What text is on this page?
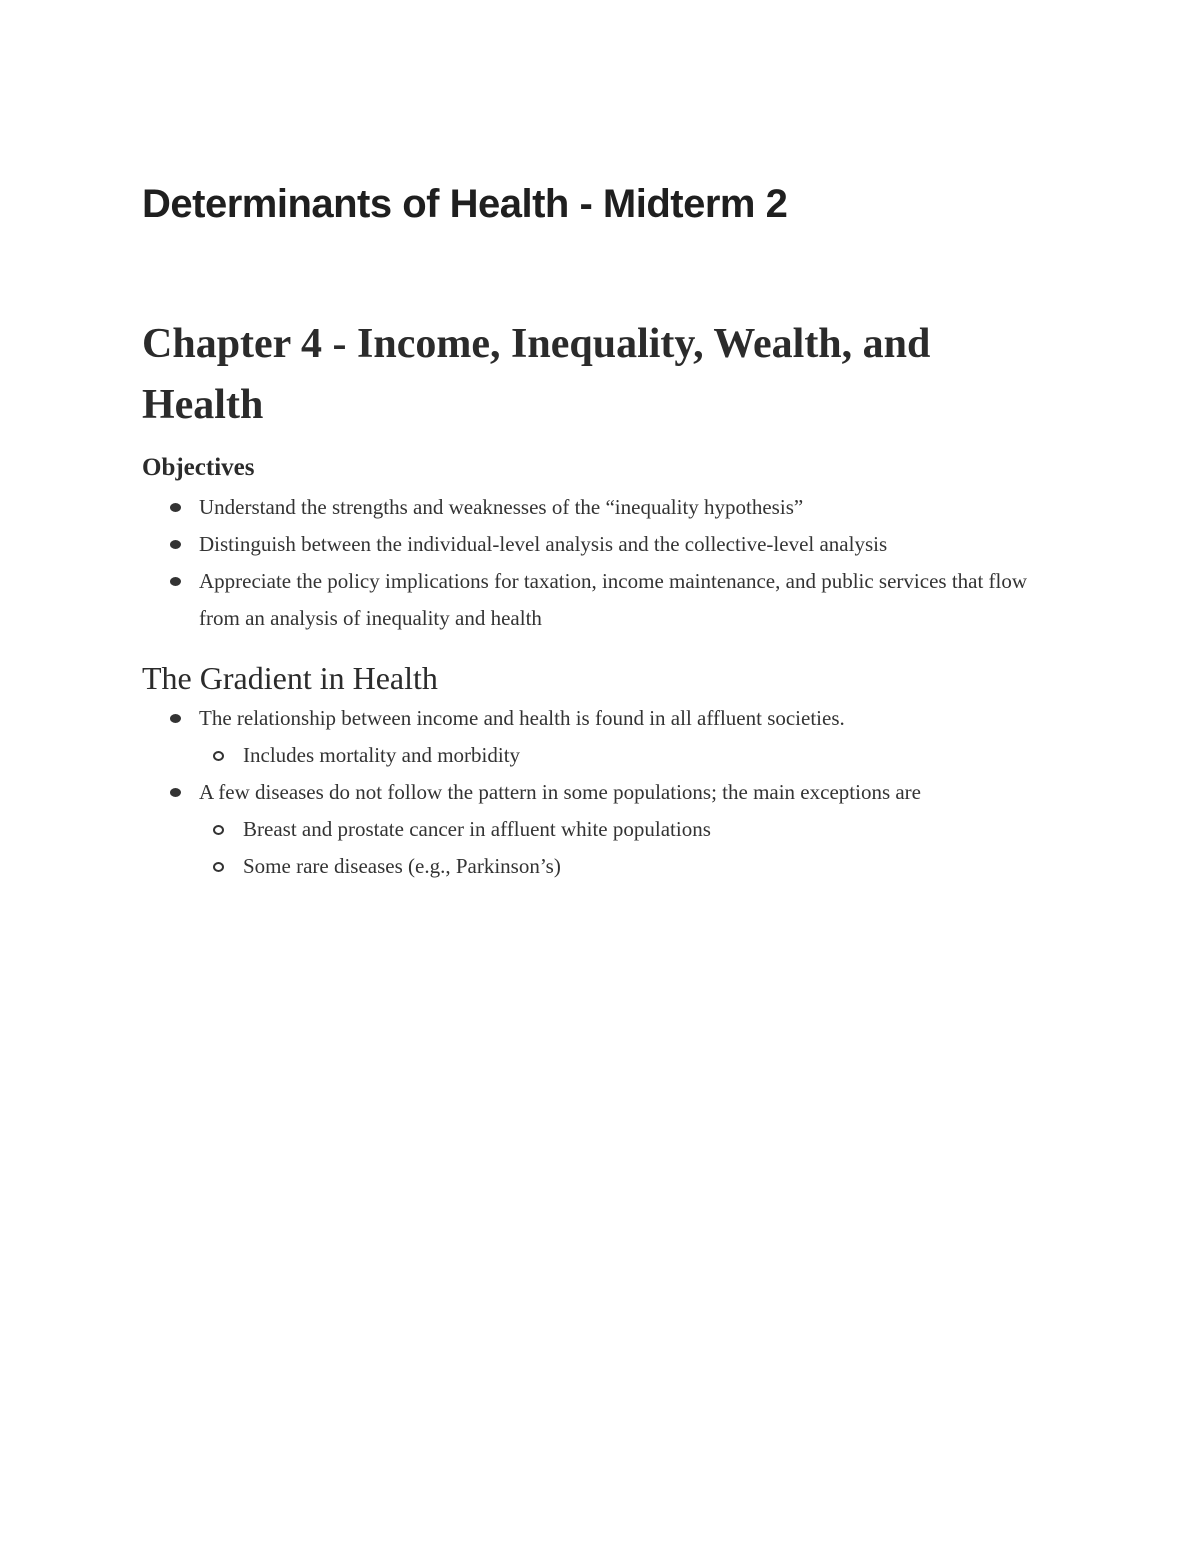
Determinants of Health - Midterm 2
Chapter 4 - Income, Inequality, Wealth, and Health
Objectives
Understand the strengths and weaknesses of the “inequality hypothesis”
Distinguish between the individual-level analysis and the collective-level analysis
Appreciate the policy implications for taxation, income maintenance, and public services that flow from an analysis of inequality and health
The Gradient in Health
The relationship between income and health is found in all affluent societies.
Includes mortality and morbidity
A few diseases do not follow the pattern in some populations; the main exceptions are
Breast and prostate cancer in affluent white populations
Some rare diseases (e.g., Parkinson’s)
